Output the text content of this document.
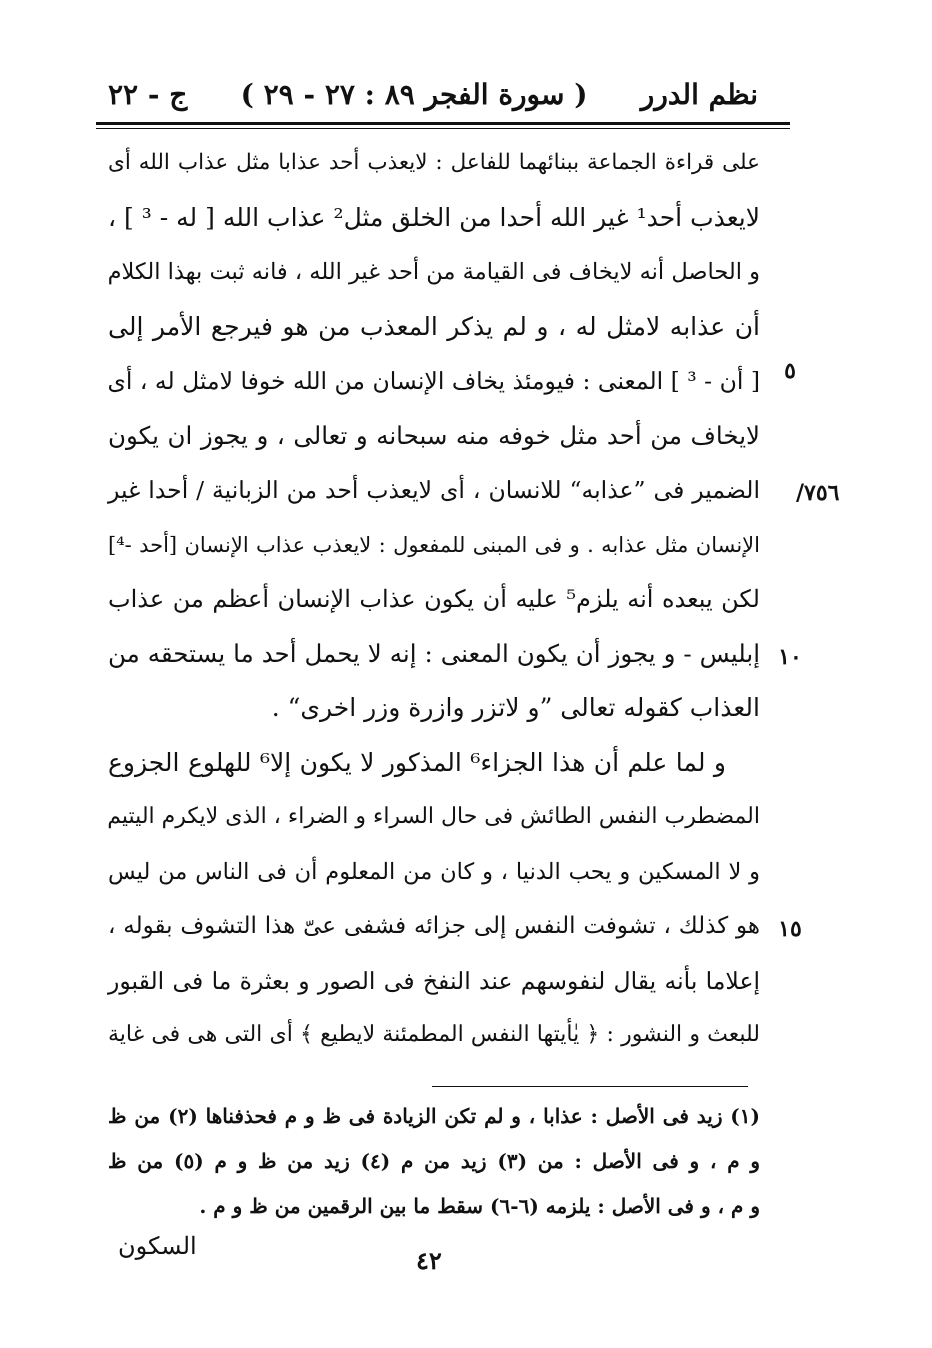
نظم الدرر
( سورة الفجر ٨٩ : ٢٧ - ٢٩ )
ج - ٢٢
/٧٥٦
٥
١٠
١٥
على قراءة الجماعة ببنائهما للفاعل : لايعذب أحد عذابا مثل عذاب الله أى
لايعذب أحد¹ غير الله أحدا من الخلق مثل² عذاب الله [ له - ³ ] ،
و الحاصل أنه لايخاف فى القيامة من أحد غير الله ، فانه ثبت بهذا الكلام
أن عذابه لامثل له ، و لم يذكر المعذب من هو فيرجع الأمر إلى
[ أن - ³ ] المعنى : فيومئذ يخاف الإنسان من الله خوفا لامثل له ، أى
لايخاف من أحد مثل خوفه منه سبحانه و تعالى ، و يجوز ان يكون
الضمير فى ”عذابه“ للانسان ، أى لايعذب أحد من الزبانية / أحدا غير
الإنسان مثل عذابه . و فى المبنى للمفعول : لايعذب عذاب الإنسان [أحد -⁴]
لكن يبعده أنه يلزم⁵ عليه أن يكون عذاب الإنسان أعظم من عذاب
إبليس - و يجوز أن يكون المعنى : إنه لا يحمل أحد ما يستحقه من
العذاب كقوله تعالى ”و لاتزر وازرة وزر اخرى“ .
و لما علم أن هذا الجزاء⁶ المذكور لا يكون إلا⁶ للهلوع الجزوع
المضطرب النفس الطائش فى حال السراء و الضراء ، الذى لايكرم اليتيم
و لا المسكين و يحب الدنيا ، و كان من المعلوم أن فى الناس من ليس
هو كذلك ، تشوفت النفس إلى جزائه فشفى عىّ هذا التشوف بقوله ،
إعلاما بأنه يقال لنفوسهم عند النفخ فى الصور و بعثرة ما فى القبور
للبعث و النشور : ﴿ يٰأيتها النفس المطمئنة لايطيع ﴾ أى التى هى فى غاية
(١) زيد فى الأصل : عذابا ، و لم تكن الزيادة فى ظ و م فحذفناها (٢) من ظ
و م ، و فى الأصل : من (٣) زيد من م (٤) زيد من ظ و م (٥) من ظ
و م ، و فى الأصل : يلزمه (٦-٦) سقط ما بين الرقمين من ظ و م .
السكون	٤٢
